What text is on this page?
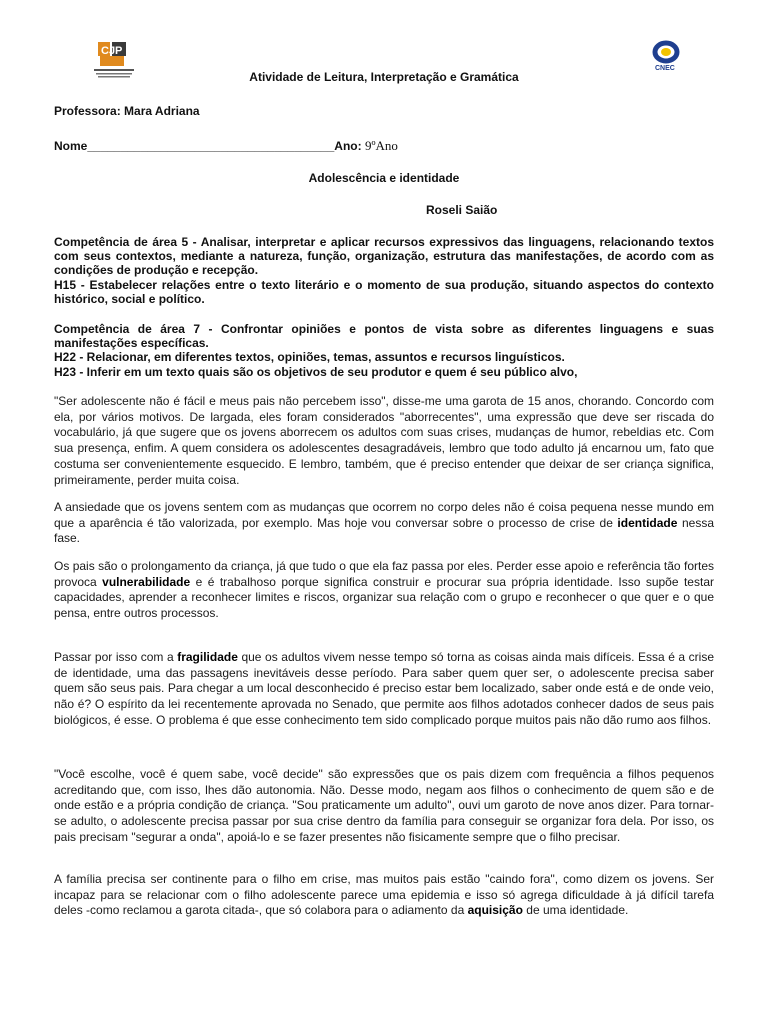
CJP
CNEC
Atividade de Leitura, Interpretação e Gramática
Professora: Mara Adriana
Nome_____________________________________Ano: 9ºAno
Adolescência e identidade
Roseli Saião

Competência de área 5 - Analisar, interpretar e aplicar recursos expressivos das linguagens, relacionando textos com seus contextos, mediante a natureza, função, organização, estrutura das manifestações, de acordo com as condições de produção e recepção.

H15 - Estabelecer relações entre o texto literário e o momento de sua produção, situando aspectos do contexto histórico, social e político.

Competência de área 7 - Confrontar opiniões e pontos de vista sobre as diferentes linguagens e suas manifestações específicas.

H22 - Relacionar, em diferentes textos, opiniões, temas, assuntos e recursos linguísticos.

H23 - Inferir em um texto quais são os objetivos de seu produtor e quem é seu público alvo,

"Ser adolescente não é fácil e meus pais não percebem isso", disse-me uma garota de 15 anos, chorando. Concordo com ela, por vários motivos. De largada, eles foram considerados "aborrecentes", uma expressão que deve ser riscada do vocabulário, já que sugere que os jovens aborrecem os adultos com suas crises, mudanças de humor, rebeldias etc. Com sua presença, enfim. A quem considera os adolescentes desagradáveis, lembro que todo adulto já encarnou um, fato que costuma ser convenientemente esquecido. E lembro, também, que é preciso entender que deixar de ser criança significa, primeiramente, perder muita coisa.
A ansiedade que os jovens sentem com as mudanças que ocorrem no corpo deles não é coisa pequena nesse mundo em que a aparência é tão valorizada, por exemplo. Mas hoje vou conversar sobre o processo de crise de identidade nessa fase.
Os pais são o prolongamento da criança, já que tudo o que ela faz passa por eles. Perder esse apoio e referência tão fortes provoca vulnerabilidade e é trabalhoso porque significa construir e procurar sua própria identidade. Isso supõe testar capacidades, aprender a reconhecer limites e riscos, organizar sua relação com o grupo e reconhecer o que quer e o que pensa, entre outros processos.
Passar por isso com a fragilidade que os adultos vivem nesse tempo só torna as coisas ainda mais difíceis. Essa é a crise de identidade, uma das passagens inevitáveis desse período. Para saber quem quer ser, o adolescente precisa saber quem são seus pais. Para chegar a um local desconhecido é preciso estar bem localizado, saber onde está e de onde veio, não é? O espírito da lei recentemente aprovada no Senado, que permite aos filhos adotados conhecer dados de seus pais biológicos, é esse. O problema é que esse conhecimento tem sido complicado porque muitos pais não dão rumo aos filhos.
"Você escolhe, você é quem sabe, você decide" são expressões que os pais dizem com frequência a filhos pequenos acreditando que, com isso, lhes dão autonomia. Não. Desse modo, negam aos filhos o conhecimento de quem são e de onde estão e a própria condição de criança. "Sou praticamente um adulto", ouvi um garoto de nove anos dizer. Para tornar-se adulto, o adolescente precisa passar por sua crise dentro da família para conseguir se organizar fora dela. Por isso, os pais precisam "segurar a onda", apoiá-lo e se fazer presentes não fisicamente sempre que o filho precisar.
A família precisa ser continente para o filho em crise, mas muitos pais estão "caindo fora", como dizem os jovens. Ser incapaz para se relacionar com o filho adolescente parece uma epidemia e isso só agrega dificuldade à já difícil tarefa deles -como reclamou a garota citada-, que só colabora para o adiamento da aquisição de uma identidade.
